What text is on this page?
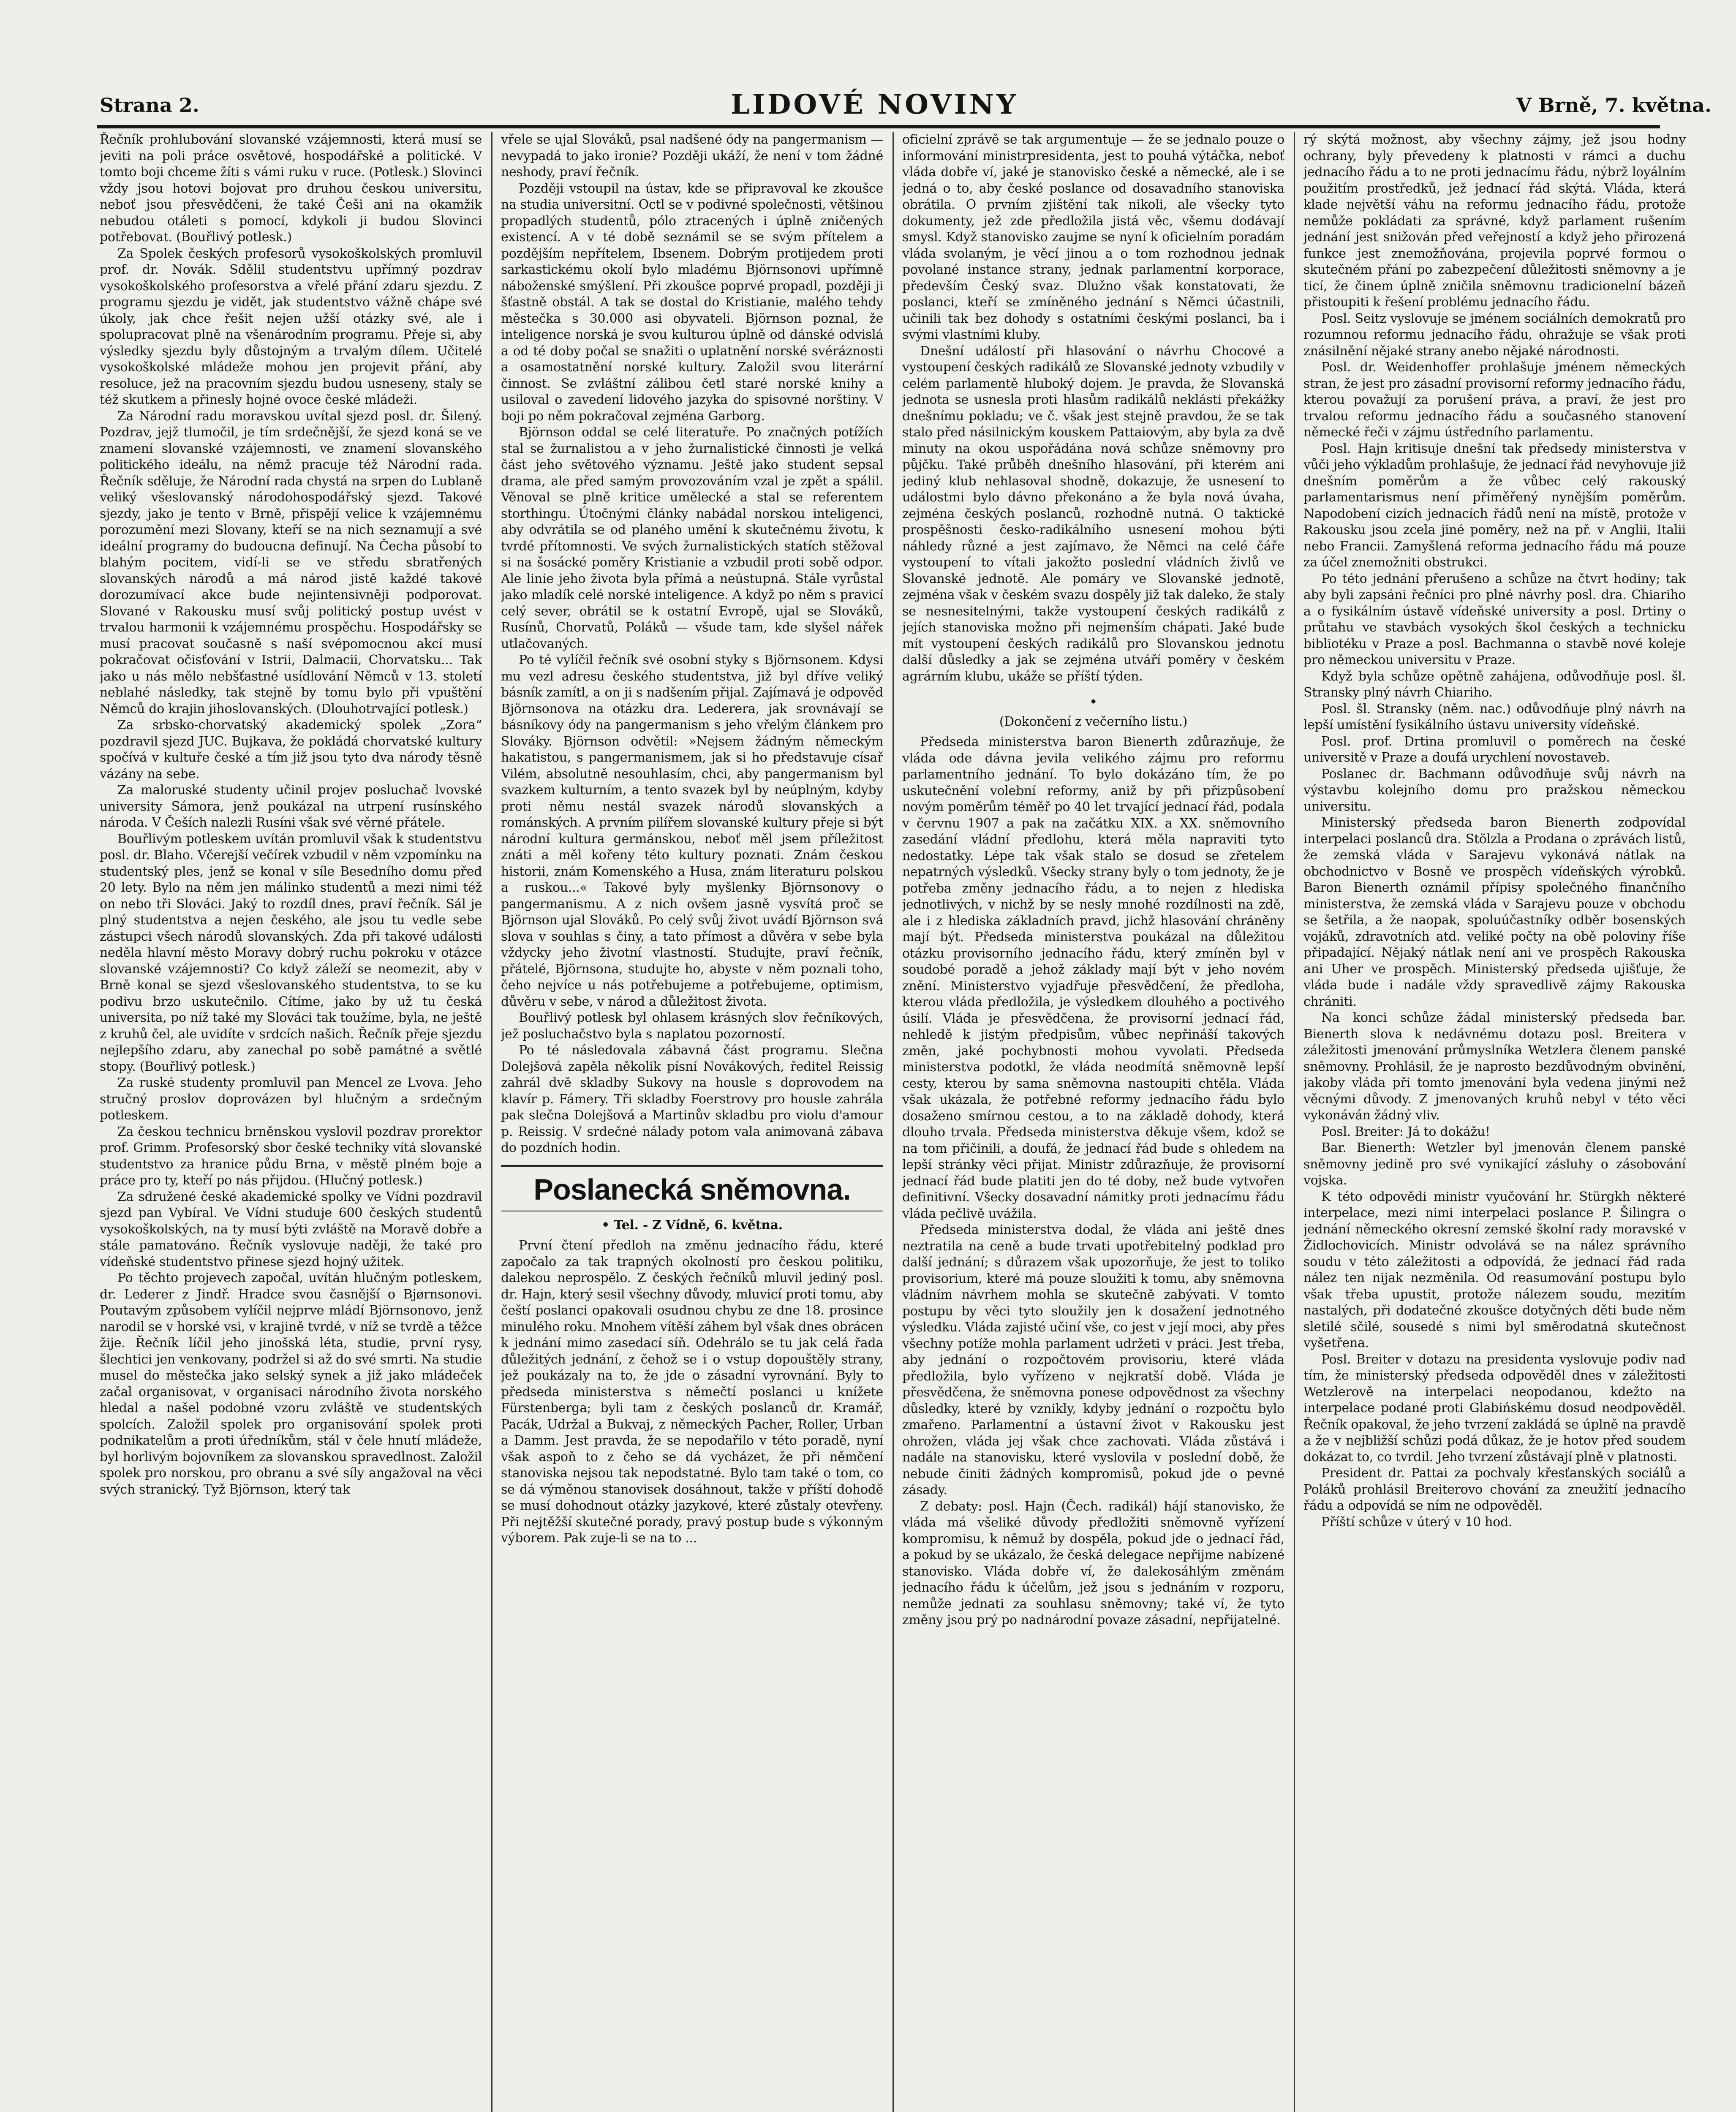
Strana 2.	LIDOVÉ NOVINY	V Brně, 7. května.

Řečník prohlubování slovanské vzájemnosti, která musí se jeviti na poli práce osvětové, hospodářské a politické. V tomto boji chceme žíti s vámi ruku v ruce. (Potlesk.) Slovinci vždy jsou hotovi bojovat pro druhou českou universitu, neboť jsou přesvědčeni, že také Češi ani na okamžik nebudou otáleti s pomocí, kdykoli ji budou Slovinci potřebovat. (Bouřlivý potlesk.)

Za Spolek českých profesorů vysokoškolských promluvil prof. dr. Novák. Sdělil studentstvu upřímný pozdrav vysokoškolského profesorstva a vřelé přání zdaru sjezdu. Z programu sjezdu je vidět, jak studentstvo vážně chápe své úkoly, jak chce řešit nejen užší otázky své, ale i spolupracovat plně na všenárodním programu. Přeje si, aby výsledky sjezdu byly důstojným a trvalým dílem. Učitelé vysokoškolské mládeže mohou jen projevit přání, aby resoluce, jež na pracovním sjezdu budou usneseny, staly se též skutkem a přinesly hojné ovoce české mládeži.

Za Národní radu moravskou uvítal sjezd posl. dr. Šilený. Pozdrav, jejž tlumočil, je tím srdečnější, že sjezd koná se ve znamení slovanské vzájemnosti, ve znamení slovanského politického ideálu, na němž pracuje též Národní rada. Řečník sděluje, že Národní rada chystá na srpen do Lublaně veliký všeslovanský národohospodářský sjezd. Takové sjezdy, jako je tento v Brně, přispějí velice k vzájemnému porozumění mezi Slovany, kteří se na nich seznamují a své ideální programy do budoucna definují. Na Čecha působí to blahým pocitem, vidí-li se ve středu sbratřených slovanských národů a má národ jistě každé takové dorozumívací akce bude nejintensivněji podporovat. Slované v Rakousku musí svůj politický postup uvést v trvalou harmonii k vzájemnému prospěchu. Hospodářsky se musí pracovat současně s naší svépomocnou akcí musí pokračovat očisťování v Istrii, Dalmacii, Chorvatsku... Tak jako u nás mělo nebšťastné usídlování Němců v 13. století neblahé následky, tak stejně by tomu bylo při vpuštění Němců do krajin jihoslovanských. (Dlouhotrvající potlesk.)

Za srbsko-chorvatský akademický spolek „Zora“ pozdravil sjezd JUC. Bujkava, že pokládá chorvatské kultury spočívá v kultuře české a tím již jsou tyto dva národy těsně vázány na sebe.

Za maloruské studenty učinil projev posluchač lvovské university Sámora, jenž poukázal na utrpení rusínského národa. V Češích nalezli Rusíni však své věrné přátele.

Bouřlivým potleskem uvítán promluvil však k studentstvu posl. dr. Blaho. Včerejší večírek vzbudil v něm vzpomínku na studentský ples, jenž se konal v síle Besedního domu před 20 lety. Bylo na něm jen málinko studentů a mezi nimi též on nebo tři Slováci. Jaký to rozdíl dnes, praví řečník. Sál je plný studentstva a nejen českého, ale jsou tu vedle sebe zástupci všech národů slovanských. Zda při takové události neděla hlavní město Moravy dobrý ruchu pokroku v otázce slovanské vzájemnosti? Co když záleží se neomezit, aby v Brně konal se sjezd všeslovanského studentstva, to se ku podivu brzo uskutečnilo. Cítíme, jako by už tu česká universita, po níž také my Slováci tak toužíme, byla, ne ještě z kruhů čel, ale uvidíte v srdcích našich. Řečník přeje sjezdu nejlepšího zdaru, aby zanechal po sobě památné a světlé stopy. (Bouřlivý potlesk.)

Za ruské studenty promluvil pan Mencel ze Lvova. Jeho stručný proslov doprovázen byl hlučným a srdečným potleskem.

Za českou technicu brněnskou vyslovil pozdrav prorektor prof. Grimm. Profesorský sbor české techniky vítá slovanské studentstvo za hranice půdu Brna, v městě plném boje a práce pro ty, kteří po nás přijdou. (Hlučný potlesk.)

Za sdružené české akademické spolky ve Vídni pozdravil sjezd pan Vybíral. Ve Vídni studuje 600 českých studentů vysokoškolských, na ty musí býti zvláště na Moravě dobře a stále pamatováno. Řečník vyslovuje naději, že také pro vídeňské studentstvo přinese sjezd hojný užitek.

Po těchto projevech započal, uvítán hlučným potleskem, dr. Lederer z Jindř. Hradce svou časnější o Bjørnsonovi. Poutavým způsobem vylíčil nejprve mládí Björnsonovo, jenž narodil se v horské vsi, v krajině tvrdé, v níž se tvrdě a těžce žije. Řečník líčil jeho jinošská léta, studie, první rysy, šlechtici jen venkovany, podržel si až do své smrti. Na studie musel do městečka jako selský synek a již jako mládeček začal organisovat, v organisaci národního života norského hledal a našel podobné vzoru zvláště ve studentských spolcích. Založil spolek pro organisování spolek proti podnikatelům a proti úředníkům, stál v čele hnutí mládeže, byl horlivým bojovníkem za slovanskou spravedlnost. Založil spolek pro norskou, pro obranu a své síly angažoval na věci svých stranický. Tyž Björnson, který tak

vřele se ujal Slováků, psal nadšené ódy na pangermanism — nevypadá to jako ironie? Později ukáží, že není v tom žádné neshody, praví řečník.

Později vstoupil na ústav, kde se připravoval ke zkoušce na studia universitní. Octl se v podivné společnosti, většinou propadlých studentů, pólo ztracených i úplně zničených existencí. A v té době seznámil se se svým přítelem a pozdějším nepřítelem, Ibsenem. Dobrým protijedem proti sarkastickému okolí bylo mladému Björnsonovi upřímně náboženské smýšlení. Při zkoušce poprvé propadl, později ji šťastně obstál. A tak se dostal do Kristianie, malého tehdy městečka s 30.000 asi obyvateli. Björnson poznal, že inteligence norská je svou kulturou úplně od dánské odvislá a od té doby počal se snažiti o uplatnění norské svéráznosti a osamostatnění norské kultury. Založil svou literární činnost. Se zvláštní zálibou četl staré norské knihy a usiloval o zavedení lidového jazyka do spisovné norštiny. V boji po něm pokračoval zejména Garborg.

Björnson oddal se celé literatuře. Po značných potížích stal se žurnalistou a v jeho žurnalistické činnosti je velká část jeho světového významu. Ještě jako student sepsal drama, ale před samým provozováním vzal je zpět a spálil. Věnoval se plně kritice umělecké a stal se referentem storthingu. Útočnými články nabádal norskou inteligenci, aby odvrátila se od planého umění k skutečnému životu, k tvrdé přítomnosti. Ve svých žurnalistických statích stěžoval si na šosácké poměry Kristianie a vzbudil proti sobě odpor. Ale linie jeho života byla přímá a neústupná. Stále vyrůstal jako mladík celé norské inteligence. A když po něm s pravicí celý sever, obrátil se k ostatní Evropě, ujal se Slováků, Rusínů, Chorvatů, Poláků — všude tam, kde slyšel nářek utlačovaných.

Po té vylíčil řečník své osobní styky s Björnsonem. Kdysi mu vezl adresu českého studentstva, již byl dříve veliký básník zamítl, a on ji s nadšením přijal. Zajímavá je odpověď Björnsonova na otázku dra. Lederera, jak srovnávají se básníkovy ódy na pangermanism s jeho vřelým článkem pro Slováky. Björnson odvětil: »Nejsem žádným německým hakatistou, s pangermanismem, jak si ho představuje císař Vilém, absolutně nesouhlasím, chci, aby pangermanism byl svazkem kulturním, a tento svazek byl by neúplným, kdyby proti němu nestál svazek národů slovanských a románských. A prvním pilířem slovanské kultury přeje si být národní kultura germánskou, neboť měl jsem příležitost znáti a měl kořeny této kultury poznati. Znám českou historii, znám Komenského a Husa, znám literaturu polskou a ruskou...« Takové byly myšlenky Björnsonovy o pangermanismu. A z nich ovšem jasně vysvítá proč se Björnson ujal Slováků. Po celý svůj život uvádí Björnson svá slova v souhlas s činy, a tato přímost a důvěra v sebe byla vždycky jeho životní vlastností. Studujte, praví řečník, přátelé, Björnsona, studujte ho, abyste v něm poznali toho, čeho nejvíce u nás potřebujeme a potřebujeme, optimism, důvěru v sebe, v národ a důležitost života.

Bouřlivý potlesk byl ohlasem krásných slov řečníkových, jež posluchačstvo byla s naplatou pozorností.

Po té následovala zábavná část programu. Slečna Dolejšová zapěla několik písní Novákových, ředitel Reissig zahrál dvě skladby Sukovy na housle s doprovodem na klavír p. Fámery. Tři skladby Foerstrovy pro housle zahrála pak slečna Dolejšová a Martinův skladbu pro violu d'amour p. Reissig. V srdečné nálady potom vala animovaná zábava do pozdních hodin.

Poslanecká sněmovna.
• Tel. - Z Vídně, 6. května.

První čtení předloh na změnu jednacího řádu, které započalo za tak trapných okolností pro českou politiku, dalekou neprospělo. Z českých řečníků mluvil jediný posl. dr. Hajn, který sesil všechny důvody, mluvicí proti tomu, aby čeští poslanci opakovali osudnou chybu ze dne 18. prosince minulého roku. Mnohem vítěší záhem byl však dnes obrácen k jednání mimo zasedací síň. Odehrálo se tu jak celá řada důležitých jednání, z čehož se i o vstup dopouštěly strany, jež poukázaly na to, že jde o zásadní vyrovnání. Byly to předseda ministerstva s němečtí poslanci u knížete Fürstenberga; byli tam z českých poslanců dr. Kramář, Pacák, Udržal a Bukvaj, z německých Pacher, Roller, Urban a Damm. Jest pravda, že se nepodařilo v této poradě, nyní však aspoň to z čeho se dá vycházet, že při němčení stanoviska nejsou tak nepodstatné. Bylo tam také o tom, co se dá výměnou stanovisek dosáhnout, takže v příští dohodě se musí dohodnout otázky jazykové, které zůstaly otevřeny. Při nejtěžší skutečné porady, pravý postup bude s výkonným výborem. Pak zuje-li se na to ...

oficielní zprávě se tak argumentuje — že se jednalo pouze o informování ministrpresidenta, jest to pouhá výtáčka, neboť vláda dobře ví, jaké je stanovisko české a německé, ale i se jedná o to, aby české poslance od dosavadního stanoviska obrátila. O prvním zjištění tak nikoli, ale všecky tyto dokumenty, jež zde předložila jistá věc, všemu dodávají smysl. Když stanovisko zaujme se nyní k oficielním poradám vláda svolaným, je věcí jinou a o tom rozhodnou jednak povolané instance strany, jednak parlamentní korporace, především Český svaz. Dlužno však konstatovati, že poslanci, kteří se zmíněného jednání s Němci účastnili, učinili tak bez dohody s ostatními českými poslanci, ba i svými vlastními kluby.

Dnešní událostí při hlasování o návrhu Chocové a vystoupení českých radikálů ze Slovanské jednoty vzbudily v celém parlamentě hluboký dojem. Je pravda, že Slovanská jednota se usnesla proti hlasům radikálů neklásti překážky dnešnímu pokladu; ve č. však jest stejně pravdou, že se tak stalo před násilnickým kouskem Pattaiovým, aby byla za dvě minuty na okou uspořádána nová schůze sněmovny pro půjčku. Také průběh dnešního hlasování, při kterém ani jediný klub nehlasoval shodně, dokazuje, že usnesení to událostmi bylo dávno překonáno a že byla nová úvaha, zejména českých poslanců, rozhodně nutná. O taktické prospěšnosti česko-radikálního usnesení mohou býti náhledy různé a jest zajímavo, že Němci na celé čáře vystoupení to vítali jakožto poslední vládních živlů ve Slovanské jednotě. Ale pomáry ve Slovanské jednotě, zejména však v českém svazu dospěly již tak daleko, že staly se nesnesitelnými, takže vystoupení českých radikálů z jejích stanoviska možno při nejmenším chápati. Jaké bude mít vystoupení českých radikálů pro Slovanskou jednotu další důsledky a jak se zejména utváří poměry v českém agrárním klubu, ukáže se příští týden.

•

(Dokončení z večerního listu.)

Předseda ministerstva baron Bienerth zdůrazňuje, že vláda ode dávna jevila velikého zájmu pro reformu parlamentního jednání. To bylo dokázáno tím, že po uskutečnění volební reformy, aniž by při přizpůsobení novým poměrům téměř po 40 let trvající jednací řád, podala v červnu 1907 a pak na začátku XIX. a XX. sněmovního zasedání vládní předlohu, která měla napraviti tyto nedostatky. Lépe tak však stalo se dosud se zřetelem nepatrných výsledků. Všecky strany byly o tom jednoty, že je potřeba změny jednacího řádu, a to nejen z hlediska jednotlivých, v nichž by se nesly mnohé rozdílnosti na zdě, ale i z hlediska základních pravd, jichž hlasování chráněny mají být. Předseda ministerstva poukázal na důležitou otázku provisorního jednacího řádu, který zmíněn byl v soudobé poradě a jehož základy mají být v jeho novém znění. Ministerstvo vyjadřuje přesvědčení, že předloha, kterou vláda předložila, je výsledkem dlouhého a poctivého úsilí. Vláda je přesvědčena, že provisorní jednací řád, nehledě k jistým předpisům, vůbec nepřináší takových změn, jaké pochybnosti mohou vyvolati. Předseda ministerstva podotkl, že vláda neodmítá sněmovně lepší cesty, kterou by sama sněmovna nastoupiti chtěla. Vláda však ukázala, že potřebné reformy jednacího řádu bylo dosaženo smírnou cestou, a to na základě dohody, která dlouho trvala. Předseda ministerstva děkuje všem, kdož se na tom přičinili, a doufá, že jednací řád bude s ohledem na lepší stránky věci přijat. Ministr zdůrazňuje, že provisorní jednací řád bude platiti jen do té doby, než bude vytvořen definitivní. Všecky dosavadní námitky proti jednacímu řádu vláda pečlivě uvážila.

Předseda ministerstva dodal, že vláda ani ještě dnes neztratila na ceně a bude trvati upotřebitelný podklad pro další jednání; s důrazem však upozorňuje, že jest to toliko provisorium, které má pouze sloužiti k tomu, aby sněmovna vládním návrhem mohla se skutečně zabývati. V tomto postupu by věci tyto sloužily jen k dosažení jednotného výsledku. Vláda zajisté učiní vše, co jest v její moci, aby přes všechny potíže mohla parlament udržeti v práci. Jest třeba, aby jednání o rozpočtovém provisoriu, které vláda předložila, bylo vyřízeno v nejkratší době. Vláda je přesvědčena, že sněmovna ponese odpovědnost za všechny důsledky, které by vznikly, kdyby jednání o rozpočtu bylo zmařeno. Parlamentní a ústavní život v Rakousku jest ohrožen, vláda jej však chce zachovati. Vláda zůstává i nadále na stanovisku, které vyslovila v poslední době, že nebude činiti žádných kompromisů, pokud jde o pevné zásady.

Z debaty: posl. Hajn (Čech. radikál) hájí stanovisko, že vláda má všeliké důvody předložiti sněmovně vyřízení kompromisu, k němuž by dospěla, pokud jde o jednací řád, a pokud by se ukázalo, že česká delegace nepřijme nabízené stanovisko. Vláda dobře ví, že dalekosáhlým změnám jednacího řádu k účelům, jež jsou s jednáním v rozporu, nemůže jednati za souhlasu sněmovny; také ví, že tyto změny jsou prý po nadnárodní povaze zásadní, nepřijatelné.

rý skýtá možnost, aby všechny zájmy, jež jsou hodny ochrany, byly převedeny k platnosti v rámci a duchu jednacího řádu a to ne proti jednacímu řádu, nýbrž loyálním použitím prostředků, jež jednací řád skýtá. Vláda, která klade největší váhu na reformu jednacího řádu, protože nemůže pokládati za správné, když parlament rušením jednání jest snižován před veřejností a když jeho přirozená funkce jest znemožňována, projevila poprvé formou o skutečném přání po zabezpečení důležitosti sněmovny a je ticí, že činem úplně zničila sněmovnu tradicionelní bázeň přistoupiti k řešení problému jednacího řádu.

Posl. Seitz vyslovuje se jménem sociálních demokratů pro rozumnou reformu jednacího řádu, ohražuje se však proti znásilnění nějaké strany anebo nějaké národnosti.

Posl. dr. Weidenhoffer prohlašuje jménem německých stran, že jest pro zásadní provisorní reformy jednacího řádu, kterou považují za porušení práva, a praví, že jest pro trvalou reformu jednacího řádu a současného stanovení německé řeči v zájmu ústředního parlamentu.

Posl. Hajn kritisuje dnešní tak předsedy ministerstva v vůči jeho výkladům prohlašuje, že jednací řád nevyhovuje již dnešním poměrům a že vůbec celý rakouský parlamentarismus není přiměřený nynějším poměrům. Napodobení cizích jednacích řádů není na místě, protože v Rakousku jsou zcela jiné poměry, než na př. v Anglii, Italii nebo Francii. Zamyšlená reforma jednacího řádu má pouze za účel znemožniti obstrukci.

Po této jednání přerušeno a schůze na čtvrt hodiny; tak aby byli zapsáni řečníci pro plné návrhy posl. dra. Chiariho a o fysikálním ústavě vídeňské university a posl. Drtiny o průtahu ve stavbách vysokých škol českých a technicku bibliotéku v Praze a posl. Bachmanna o stavbě nové koleje pro německou universitu v Praze.

Když byla schůze opětně zahájena, odůvodňuje posl. šl. Stransky plný návrh Chiariho.

Posl. šl. Stransky (něm. nac.) odůvodňuje plný návrh na lepší umístění fysikálního ústavu university vídeňské.

Posl. prof. Drtina promluvil o poměrech na české universitě v Praze a doufá urychlení novostaveb.

Poslanec dr. Bachmann odůvodňuje svůj návrh na výstavbu kolejního domu pro pražskou německou universitu.

Ministerský předseda baron Bienerth zodpovídal interpelaci poslanců dra. Stölzla a Prodana o zprávách listů, že zemská vláda v Sarajevu vykonává nátlak na obchodnictvo v Bosně ve prospěch vídeňských výrobků. Baron Bienerth oznámil přípisy společného finančního ministerstva, že zemská vláda v Sarajevu pouze v obchodu se šetřila, a že naopak, spoluúčastníky odběr bosenských vojáků, zdravotních atd. veliké počty na obě poloviny říše připadající. Nějaký nátlak není ani ve prospěch Rakouska ani Uher ve prospěch. Ministerský předseda ujišťuje, že vláda bude i nadále vždy spravedlivě zájmy Rakouska chrániti.

Na konci schůze žádal ministerský předseda bar. Bienerth slova k nedávnému dotazu posl. Breitera v záležitosti jmenování průmyslníka Wetzlera členem panské sněmovny. Prohlásil, že je naprosto bezdůvodným obvinění, jakoby vláda při tomto jmenování byla vedena jinými než věcnými důvody. Z jmenovaných kruhů nebyl v této věci vykonáván žádný vliv.

Posl. Breiter: Já to dokážu!

Bar. Bienerth: Wetzler byl jmenován členem panské sněmovny jedině pro své vynikající zásluhy o zásobování vojska.

K této odpovědi ministr vyučování hr. Stürgkh některé interpelace, mezi nimi interpelaci poslance P. Šilingra o jednání německého okresní zemské školní rady moravské v Židlochovicích. Ministr odvolává se na nález správního soudu v této záležitosti a odpovídá, že jednací řád rada nález ten nijak nezměnila. Od reasumování postupu bylo však třeba upustit, protože nálezem soudu, mezitím nastalých, při dodatečné zkoušce dotyčných děti bude něm sletilé sčilé, sousedé s nimi byl směrodatná skutečnost vyšetřena.

Posl. Breiter v dotazu na presidenta vyslovuje podiv nad tím, že ministerský předseda odpověděl dnes v záležitosti Wetzlerově na interpelaci neopodanou, kdežto na interpelace podané proti Glabińskému dosud neodpověděl. Řečník opakoval, že jeho tvrzení zakládá se úplně na pravdě a že v nejbližší schůzi podá důkaz, že je hotov před soudem dokázat to, co tvrdil. Jeho tvrzení zůstávají plně v platnosti.

President dr. Pattai za pochvaly křesťanských sociálů a Poláků prohlásil Breiterovo chování za zneužití jednacího řádu a odpovídá se ním ne odpověděl.

Příští schůze v úterý v 10 hod.
